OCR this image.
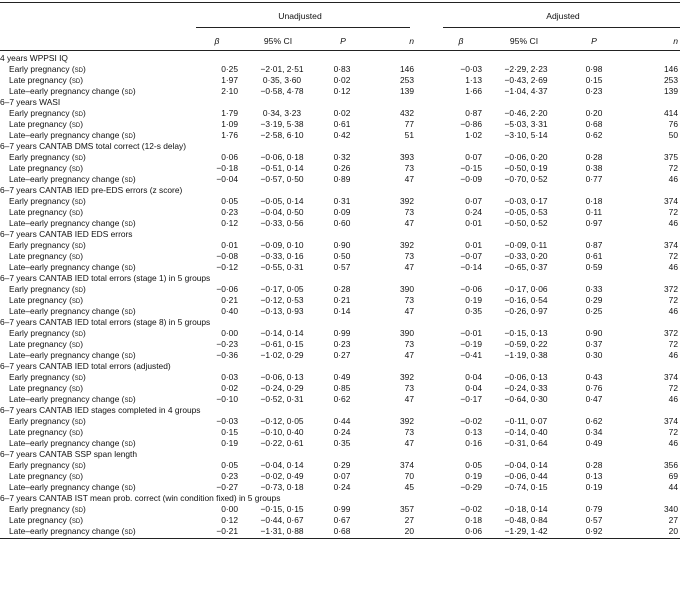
Unadjusted	Adjusted
β	95% CI	P	n	β	95% CI	P	n
4 years WPPSI IQ
Early pregnancy (sd)	0·25	−2·01, 2·51	0·83	146	−0·03	−2·29, 2·23	0·98	146
Late pregnancy (sd)	1·97	0·35, 3·60	0·02	253	1·13	−0·43, 2·69	0·15	253
Late–early pregnancy change (sd)	2·10	−0·58, 4·78	0·12	139	1·66	−1·04, 4·37	0·23	139
6–7 years WASI
Early pregnancy (sd)	1·79	0·34, 3·23	0·02	432	0·87	−0·46, 2·20	0·20	414
Late pregnancy (sd)	1·09	−3·19, 5·38	0·61	77	−0·86	−5·03, 3·31	0·68	76
Late–early pregnancy change (sd)	1·76	−2·58, 6·10	0·42	51	1·02	−3·10, 5·14	0·62	50
6–7 years CANTAB DMS total correct (12-s delay)
Early pregnancy (sd)	0·06	−0·06, 0·18	0·32	393	0·07	−0·06, 0·20	0·28	375
Late pregnancy (sd)	−0·18	−0·51, 0·14	0·26	73	−0·15	−0·50, 0·19	0·38	72
Late–early pregnancy change (sd)	−0·04	−0·57, 0·50	0·89	47	−0·09	−0·70, 0·52	0·77	46
6–7 years CANTAB IED pre-EDS errors (z score)
Early pregnancy (sd)	0·05	−0·05, 0·14	0·31	392	0·07	−0·03, 0·17	0·18	374
Late pregnancy (sd)	0·23	−0·04, 0·50	0·09	73	0·24	−0·05, 0·53	0·11	72
Late–early pregnancy change (sd)	0·12	−0·33, 0·56	0·60	47	0·01	−0·50, 0·52	0·97	46
6–7 years CANTAB IED EDS errors
Early pregnancy (sd)	0·01	−0·09, 0·10	0·90	392	0·01	−0·09, 0·11	0·87	374
Late pregnancy (sd)	−0·08	−0·33, 0·16	0·50	73	−0·07	−0·33, 0·20	0·61	72
Late–early pregnancy change (sd)	−0·12	−0·55, 0·31	0·57	47	−0·14	−0·65, 0·37	0·59	46
6–7 years CANTAB IED total errors (stage 1) in 5 groups
Early pregnancy (sd)	−0·06	−0·17, 0·05	0·28	390	−0·06	−0·17, 0·06	0·33	372
Late pregnancy (sd)	0·21	−0·12, 0·53	0·21	73	0·19	−0·16, 0·54	0·29	72
Late–early pregnancy change (sd)	0·40	−0·13, 0·93	0·14	47	0·35	−0·26, 0·97	0·25	46
6–7 years CANTAB IED total errors (stage 8) in 5 groups
Early pregnancy (sd)	0·00	−0·14, 0·14	0·99	390	−0·01	−0·15, 0·13	0·90	372
Late pregnancy (sd)	−0·23	−0·61, 0·15	0·23	73	−0·19	−0·59, 0·22	0·37	72
Late–early pregnancy change (sd)	−0·36	−1·02, 0·29	0·27	47	−0·41	−1·19, 0·38	0·30	46
6–7 years CANTAB IED total errors (adjusted)
Early pregnancy (sd)	0·03	−0·06, 0·13	0·49	392	0·04	−0·06, 0·13	0·43	374
Late pregnancy (sd)	0·02	−0·24, 0·29	0·85	73	0·04	−0·24, 0·33	0·76	72
Late–early pregnancy change (sd)	−0·10	−0·52, 0·31	0·62	47	−0·17	−0·64, 0·30	0·47	46
6–7 years CANTAB IED stages completed in 4 groups
Early pregnancy (sd)	−0·03	−0·12, 0·05	0·44	392	−0·02	−0·11, 0·07	0·62	374
Late pregnancy (sd)	0·15	−0·10, 0·40	0·24	73	0·13	−0·14, 0·40	0·34	72
Late–early pregnancy change (sd)	0·19	−0·22, 0·61	0·35	47	0·16	−0·31, 0·64	0·49	46
6–7 years CANTAB SSP span length
Early pregnancy (sd)	0·05	−0·04, 0·14	0·29	374	0·05	−0·04, 0·14	0·28	356
Late pregnancy (sd)	0·23	−0·02, 0·49	0·07	70	0·19	−0·06, 0·44	0·13	69
Late–early pregnancy change (sd)	−0·27	−0·73, 0·18	0·24	45	−0·29	−0·74, 0·15	0·19	44
6–7 years CANTAB IST mean prob. correct (win condition fixed) in 5 groups
Early pregnancy (sd)	0·00	−0·15, 0·15	0·99	357	−0·02	−0·18, 0·14	0·79	340
Late pregnancy (sd)	0·12	−0·44, 0·67	0·67	27	0·18	−0·48, 0·84	0·57	27
Late–early pregnancy change (sd)	−0·21	−1·31, 0·88	0·68	20	0·06	−1·29, 1·42	0·92	20
